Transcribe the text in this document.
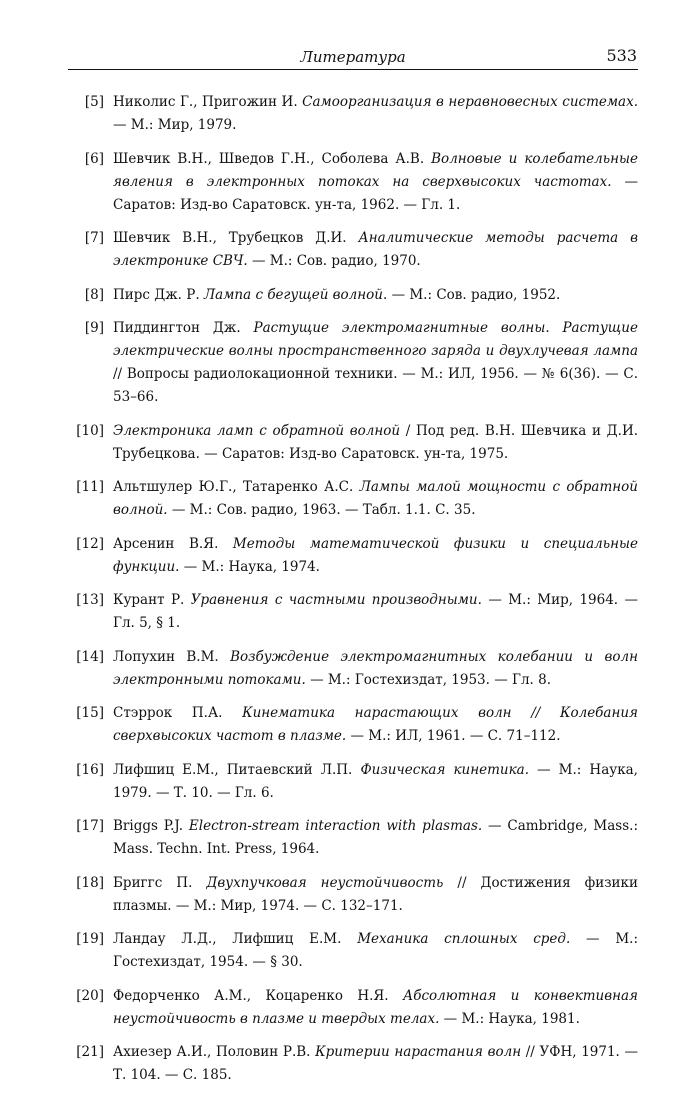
Литература	533
[5] Николис Г., Пригожин И. Самоорганизация в неравновесных системах. — М.: Мир, 1979.
[6] Шевчик В.Н., Шведов Г.Н., Соболева А.В. Волновые и колебательные явления в электронных потоках на сверхвысоких частотах. — Саратов: Изд-во Саратовск. ун-та, 1962. — Гл. 1.
[7] Шевчик В.Н., Трубецков Д.И. Аналитические методы расчета в электронике СВЧ. — М.: Сов. радио, 1970.
[8] Пирс Дж. Р. Лампа с бегущей волной. — М.: Сов. радио, 1952.
[9] Пиддингтон Дж. Растущие электромагнитные волны. Растущие электрические волны пространственного заряда и двухлучевая лампа // Вопросы радиолокационной техники. — М.: ИЛ, 1956. — № 6(36). — С. 53–66.
[10] Электроника ламп с обратной волной / Под ред. В.Н. Шевчика и Д.И. Трубецкова. — Саратов: Изд-во Саратовск. ун-та, 1975.
[11] Альтшулер Ю.Г., Татаренко А.С. Лампы малой мощности с обратной волной. — М.: Сов. радио, 1963. — Табл. 1.1. С. 35.
[12] Арсенин В.Я. Методы математической физики и специальные функции. — М.: Наука, 1974.
[13] Курант Р. Уравнения с частными производными. — М.: Мир, 1964. — Гл. 5, § 1.
[14] Лопухин В.М. Возбуждение электромагнитных колебании и волн электронными потоками. — М.: Гостехиздат, 1953. — Гл. 8.
[15] Стэррок П.А. Кинематика нарастающих волн // Колебания сверхвысоких частот в плазме. — М.: ИЛ, 1961. — С. 71–112.
[16] Лифшиц Е.М., Питаевский Л.П. Физическая кинетика. — М.: Наука, 1979. — Т. 10. — Гл. 6.
[17] Briggs P.J. Electron-stream interaction with plasmas. — Cambridge, Mass.: Mass. Techn. Int. Press, 1964.
[18] Бриггс П. Двухпучковая неустойчивость // Достижения физики плазмы. — М.: Мир, 1974. — С. 132–171.
[19] Ландау Л.Д., Лифшиц Е.М. Механика сплошных сред. — М.: Гостехиздат, 1954. — § 30.
[20] Федорченко А.М., Коцаренко Н.Я. Абсолютная и конвективная неустойчивость в плазме и твердых телах. — М.: Наука, 1981.
[21] Ахиезер А.И., Половин Р.В. Критерии нарастания волн // УФН, 1971. — Т. 104. — С. 185.
